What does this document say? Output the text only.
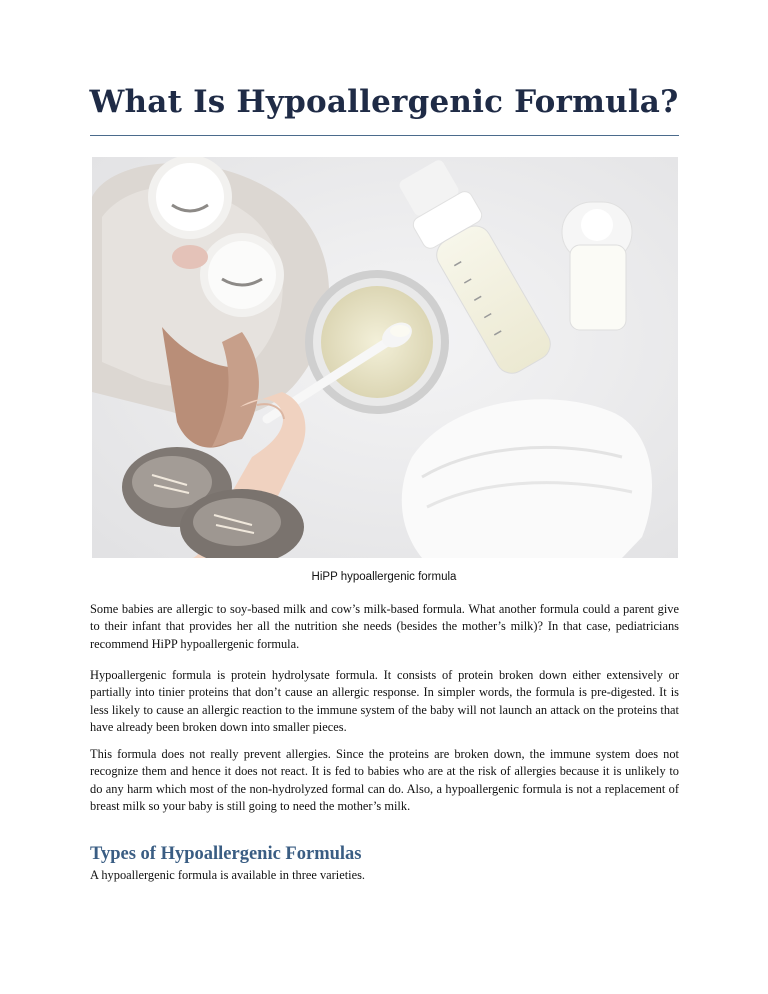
What Is Hypoallergenic Formula?
HiPP hypoallergenic formula

Some babies are allergic to soy-based milk and cow’s milk-based formula. What another formula could a parent give to their infant that provides her all the nutrition she needs (besides the mother’s milk)? In that case, pediatricians recommend HiPP hypoallergenic formula.

Hypoallergenic formula is protein hydrolysate formula. It consists of protein broken down either extensively or partially into tinier proteins that don’t cause an allergic response. In simpler words, the formula is pre-digested. It is less likely to cause an allergic reaction to the immune system of the baby will not launch an attack on the proteins that have already been broken down into smaller pieces.

This formula does not really prevent allergies. Since the proteins are broken down, the immune system does not recognize them and hence it does not react. It is fed to babies who are at the risk of allergies because it is unlikely to do any harm which most of the non-hydrolyzed formal can do. Also, a hypoallergenic formula is not a replacement of breast milk so your baby is still going to need the mother’s milk.

Types of Hypoallergenic Formulas

A hypoallergenic formula is available in three varieties.
